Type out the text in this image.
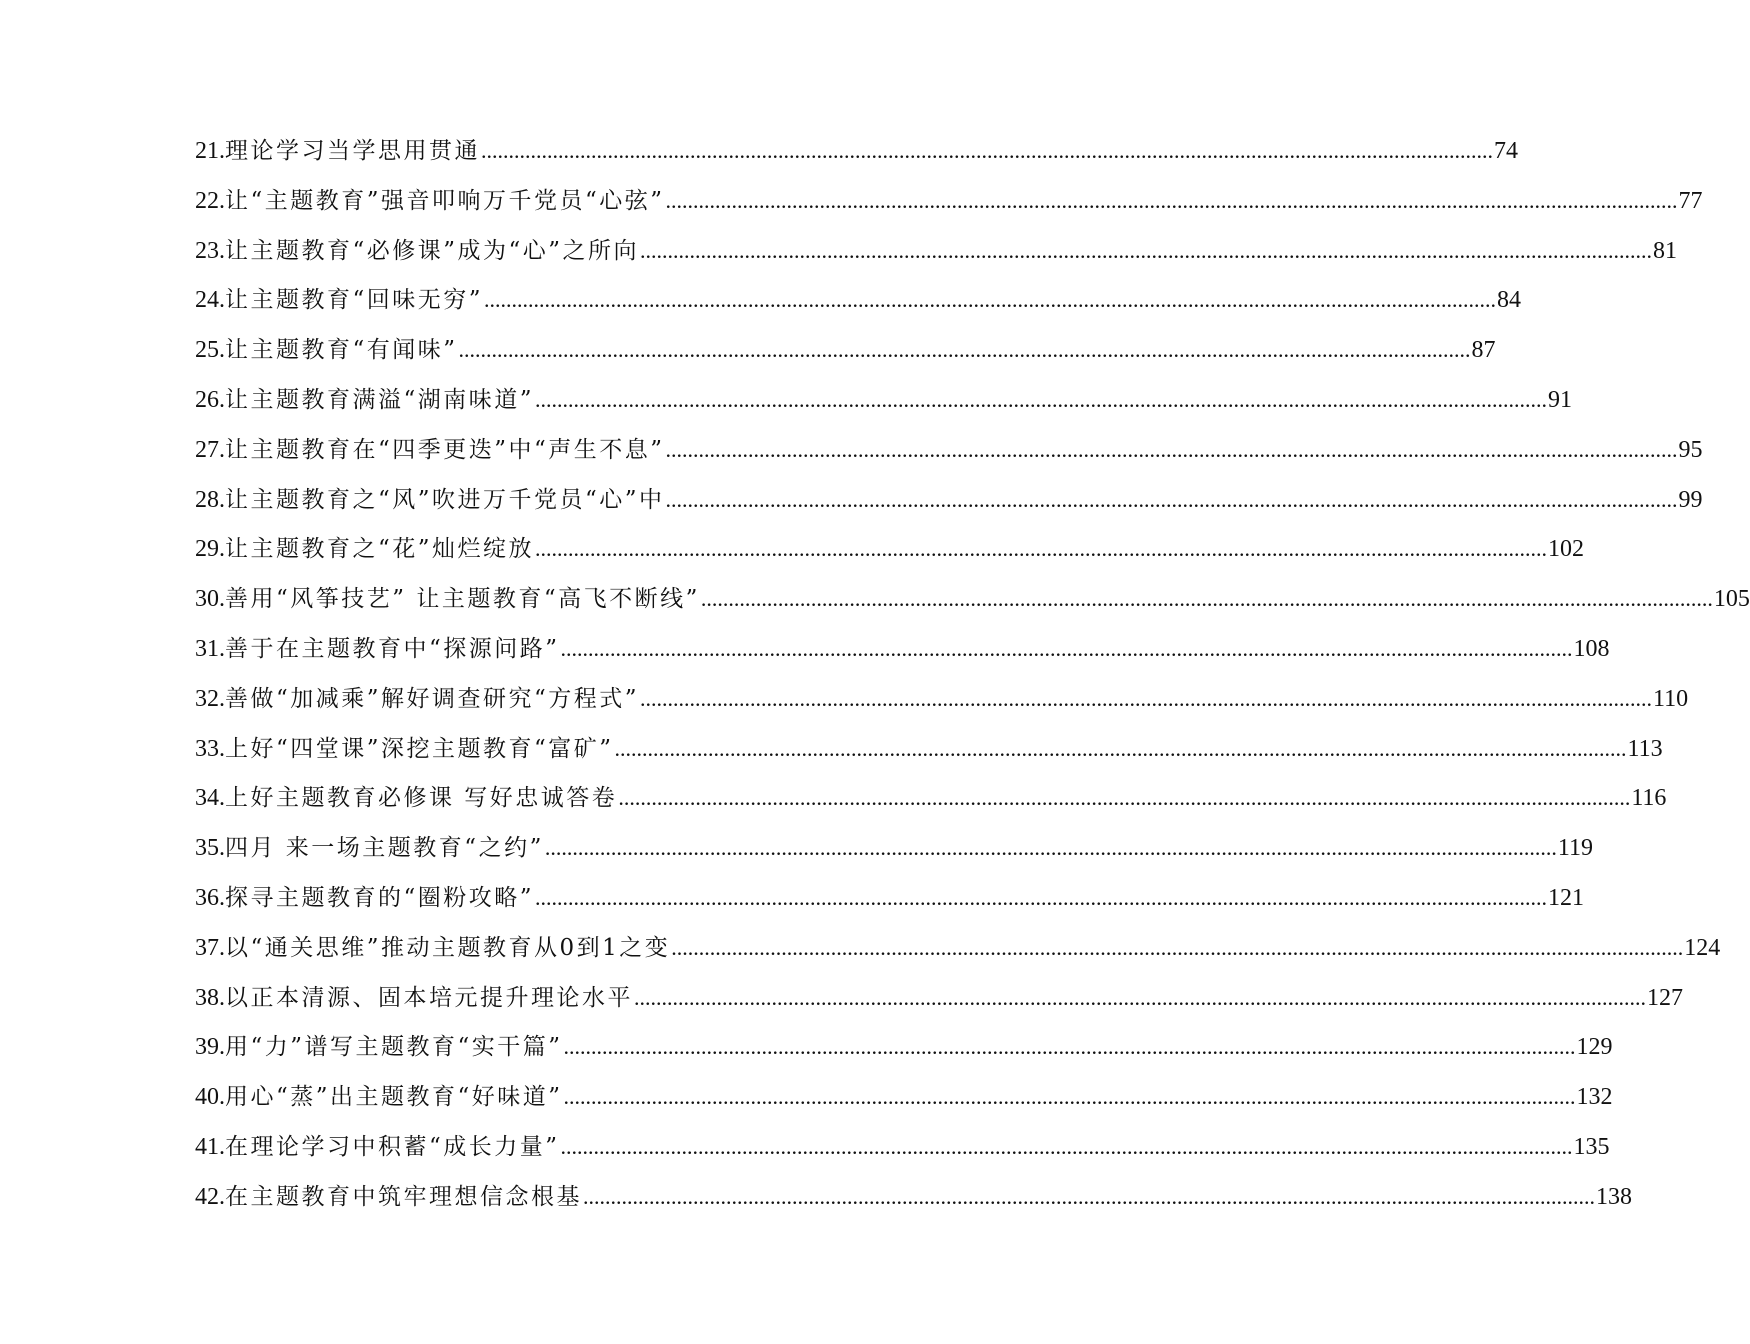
21. 理论学习当学思用贯通 .....	74
22. 让“主题教育”强音叩响万千党员“心弦” .....	77
23. 让主题教育“必修课”成为“心”之所向 .....	81
24. 让主题教育“回味无穷” .....	84
25. 让主题教育“有闻味” .....	87
26. 让主题教育满溢“湖南味道” .....	91
27. 让主题教育在“四季更迭”中“声生不息” .....	95
28. 让主题教育之“风”吹进万千党员“心”中 .....	99
29. 让主题教育之“花”灿烂绽放 .....	102
30. 善用“风筝技艺” 让主题教育“高飞不断线” .....	105
31. 善于在主题教育中“探源问路” .....	108
32. 善做“加减乘”解好调查研究“方程式” .....	110
33. 上好“四堂课”深挖主题教育“富矿” .....	113
34. 上好主题教育必修课 写好忠诚答卷 .....	116
35. 四月 来一场主题教育“之约” .....	119
36. 探寻主题教育的“圈粉攻略” .....	121
37. 以“通关思维”推动主题教育从0到1之变 .....	124
38. 以正本清源、固本培元提升理论水平 .....	127
39. 用“力”谱写主题教育“实干篇” .....	129
40. 用心“蒸”出主题教育“好味道” .....	132
41. 在理论学习中积蓄“成长力量” .....	135
42. 在主题教育中筑牢理想信念根基 .....	138
